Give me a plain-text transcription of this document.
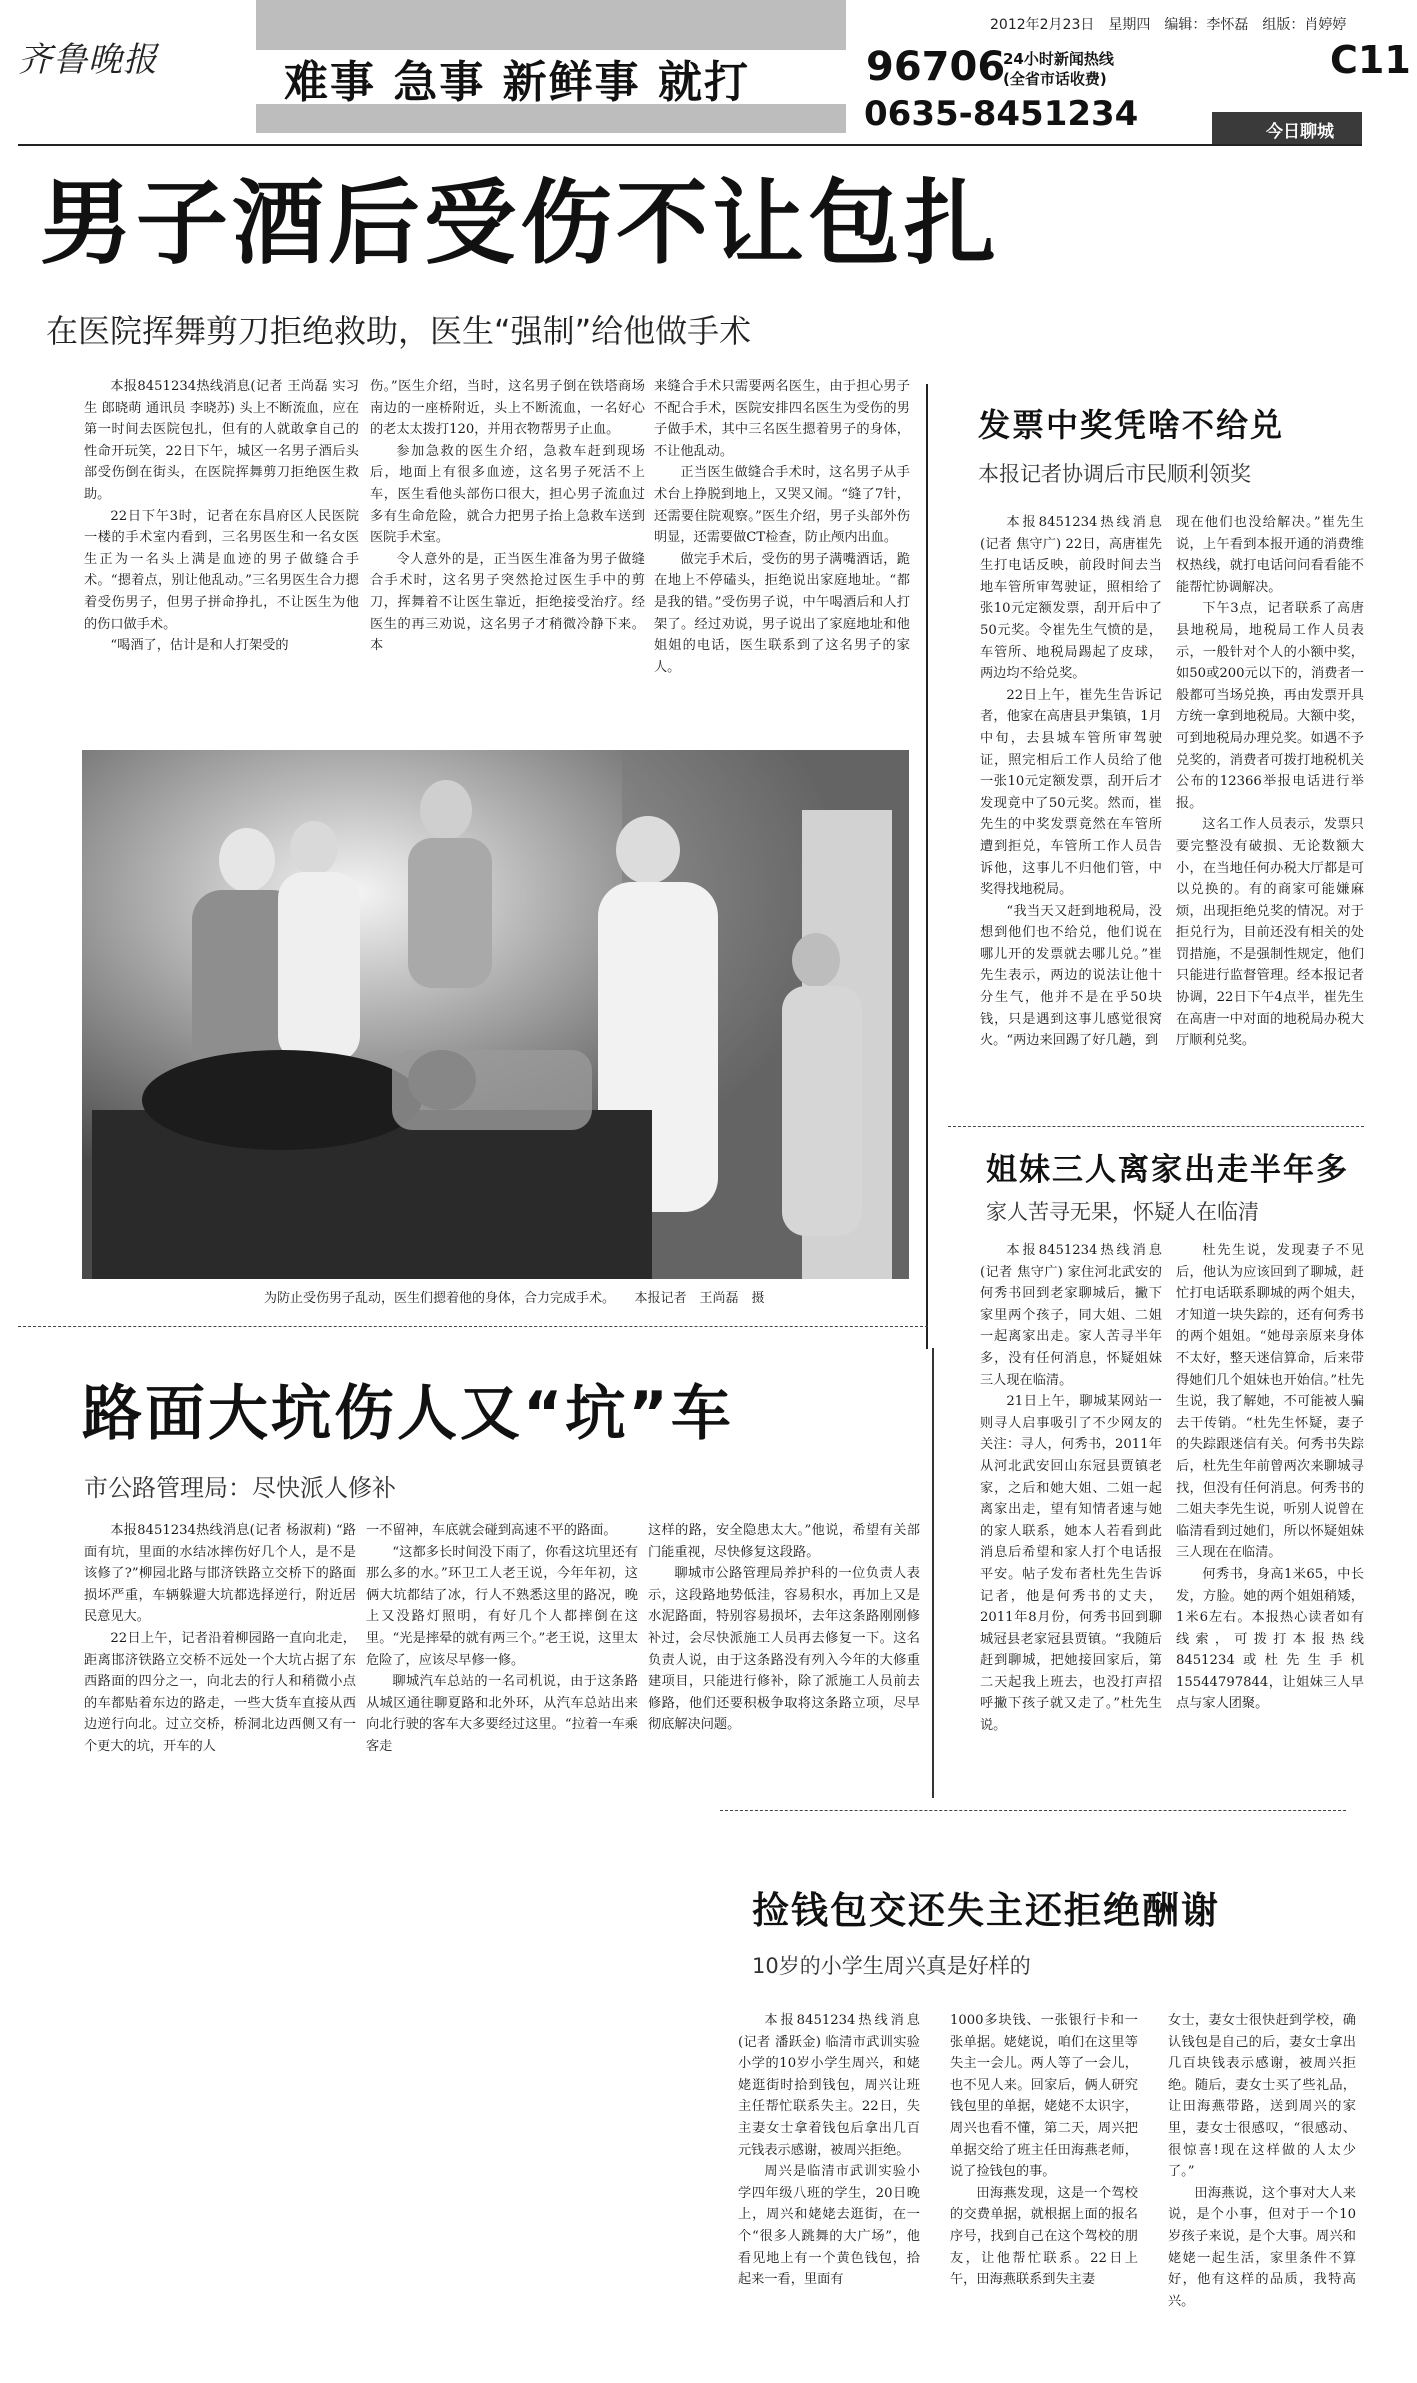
齐鲁晚报	难事 急事 新鲜事 就打	96706
24小时新闻热线
(全省市话收费)
0635-8451234
2012年2月23日　星期四　编辑：李怀磊　组版：肖婷婷
C11
今日聊城
男子酒后受伤不让包扎
在医院挥舞剪刀拒绝救助，医生“强制”给他做手术

本报8451234热线消息(记者 王尚磊 实习生 郎晓萌 通讯员 李晓苏) 头上不断流血，应在第一时间去医院包扎，但有的人就敢拿自己的性命开玩笑，22日下午，城区一名男子酒后头部受伤倒在街头，在医院挥舞剪刀拒绝医生救助。

22日下午3时，记者在东昌府区人民医院一楼的手术室内看到，三名男医生和一名女医生正为一名头上满是血迹的男子做缝合手术。“摁着点，别让他乱动。”三名男医生合力摁着受伤男子，但男子拼命挣扎，不让医生为他的伤口做手术。

“喝酒了，估计是和人打架受的

伤。”医生介绍，当时，这名男子倒在铁塔商场南边的一座桥附近，头上不断流血，一名好心的老太太拨打120，并用衣物帮男子止血。

参加急救的医生介绍，急救车赶到现场后，地面上有很多血迹，这名男子死活不上车，医生看他头部伤口很大，担心男子流血过多有生命危险，就合力把男子抬上急救车送到医院手术室。

令人意外的是，正当医生准备为男子做缝合手术时，这名男子突然抢过医生手中的剪刀，挥舞着不让医生靠近，拒绝接受治疗。经医生的再三劝说，这名男子才稍微冷静下来。本

来缝合手术只需要两名医生，由于担心男子不配合手术，医院安排四名医生为受伤的男子做手术，其中三名医生摁着男子的身体，不让他乱动。

正当医生做缝合手术时，这名男子从手术台上挣脱到地上，又哭又闹。“缝了7针，还需要住院观察。”医生介绍，男子头部外伤明显，还需要做CT检查，防止颅内出血。

做完手术后，受伤的男子满嘴酒话，跪在地上不停磕头，拒绝说出家庭地址。“都是我的错。”受伤男子说，中午喝酒后和人打架了。经过劝说，男子说出了家庭地址和他姐姐的电话，医生联系到了这名男子的家人。

为防止受伤男子乱动，医生们摁着他的身体，合力完成手术。　　本报记者　王尚磊　摄
发票中奖凭啥不给兑
本报记者协调后市民顺利领奖

本报8451234热线消息(记者 焦守广) 22日，高唐崔先生打电话反映，前段时间去当地车管所审驾驶证，照相给了张10元定额发票，刮开后中了50元奖。令崔先生气愤的是，车管所、地税局踢起了皮球，两边均不给兑奖。

22日上午，崔先生告诉记者，他家在高唐县尹集镇，1月中旬，去县城车管所审驾驶证，照完相后工作人员给了他一张10元定额发票，刮开后才发现竟中了50元奖。然而，崔先生的中奖发票竟然在车管所遭到拒兑，车管所工作人员告诉他，这事儿不归他们管，中奖得找地税局。

“我当天又赶到地税局，没想到他们也不给兑，他们说在哪儿开的发票就去哪儿兑。”崔先生表示，两边的说法让他十分生气，他并不是在乎50块钱，只是遇到这事儿感觉很窝火。“两边来回踢了好几趟，到

现在他们也没给解决。”崔先生说，上午看到本报开通的消费维权热线，就打电话问问看看能不能帮忙协调解决。

下午3点，记者联系了高唐县地税局，地税局工作人员表示，一般针对个人的小额中奖，如50或200元以下的，消费者一般都可当场兑换，再由发票开具方统一拿到地税局。大额中奖，可到地税局办理兑奖。如遇不予兑奖的，消费者可拨打地税机关公布的12366举报电话进行举报。

这名工作人员表示，发票只要完整没有破损、无论数额大小，在当地任何办税大厅都是可以兑换的。有的商家可能嫌麻烦，出现拒绝兑奖的情况。对于拒兑行为，目前还没有相关的处罚措施，不是强制性规定，他们只能进行监督管理。经本报记者协调，22日下午4点半，崔先生在高唐一中对面的地税局办税大厅顺利兑奖。

姐妹三人离家出走半年多
家人苦寻无果，怀疑人在临清

本报8451234热线消息(记者 焦守广) 家住河北武安的何秀书回到老家聊城后，撇下家里两个孩子，同大姐、二姐一起离家出走。家人苦寻半年多，没有任何消息，怀疑姐妹三人现在临清。

21日上午，聊城某网站一则寻人启事吸引了不少网友的关注：寻人，何秀书，2011年从河北武安回山东冠县贾镇老家，之后和她大姐、二姐一起离家出走，望有知情者速与她的家人联系，她本人若看到此消息后希望和家人打个电话报平安。帖子发布者杜先生告诉记者，他是何秀书的丈夫，2011年8月份，何秀书回到聊城冠县老家冠县贾镇。“我随后赶到聊城，把她接回家后，第二天起我上班去，也没打声招呼撇下孩子就又走了。”杜先生说。

杜先生说，发现妻子不见后，他认为应该回到了聊城，赶忙打电话联系聊城的两个姐夫，才知道一块失踪的，还有何秀书的两个姐姐。“她母亲原来身体不太好，整天迷信算命，后来带得她们几个姐妹也开始信。”杜先生说，我了解她，不可能被人骗去干传销。“杜先生怀疑，妻子的失踪跟迷信有关。何秀书失踪后，杜先生年前曾两次来聊城寻找，但没有任何消息。何秀书的二姐夫李先生说，听别人说曾在临清看到过她们，所以怀疑姐妹三人现在在临清。

何秀书，身高1米65，中长发，方脸。她的两个姐姐稍矮，1米6左右。本报热心读者如有线索，可拨打本报热线8451234或杜先生手机15544797844，让姐妹三人早点与家人团聚。

路面大坑伤人又“坑”车
市公路管理局：尽快派人修补

本报8451234热线消息(记者 杨淑莉) “路面有坑，里面的水结冰摔伤好几个人，是不是该修了?”柳园北路与邯济铁路立交桥下的路面损坏严重，车辆躲避大坑都选择逆行，附近居民意见大。

22日上午，记者沿着柳园路一直向北走，距离邯济铁路立交桥不远处一个大坑占据了东西路面的四分之一，向北去的行人和稍微小点的车都贴着东边的路走，一些大货车直接从西边逆行向北。过立交桥，桥洞北边西侧又有一个更大的坑，开车的人

一不留神，车底就会碰到高速不平的路面。

“这都多长时间没下雨了，你看这坑里还有那么多的水。”环卫工人老王说，今年年初，这俩大坑都结了冰，行人不熟悉这里的路况，晚上又没路灯照明，有好几个人都摔倒在这里。“光是摔晕的就有两三个。”老王说，这里太危险了，应该尽早修一修。

聊城汽车总站的一名司机说，由于这条路从城区通往聊夏路和北外环，从汽车总站出来向北行驶的客车大多要经过这里。“拉着一车乘客走

这样的路，安全隐患太大。”他说，希望有关部门能重视，尽快修复这段路。

聊城市公路管理局养护科的一位负责人表示，这段路地势低洼，容易积水，再加上又是水泥路面，特别容易损坏，去年这条路刚刚修补过，会尽快派施工人员再去修复一下。这名负责人说，由于这条路没有列入今年的大修重建项目，只能进行修补，除了派施工人员前去修路，他们还要积极争取将这条路立项，尽早彻底解决问题。

捡钱包交还失主还拒绝酬谢
10岁的小学生周兴真是好样的

本报8451234热线消息(记者 潘跃金) 临清市武训实验小学的10岁小学生周兴，和姥姥逛街时拾到钱包，周兴让班主任帮忙联系失主。22日，失主妻女士拿着钱包后拿出几百元钱表示感谢，被周兴拒绝。

周兴是临清市武训实验小学四年级八班的学生，20日晚上，周兴和姥姥去逛街，在一个“很多人跳舞的大广场”，他看见地上有一个黄色钱包，拾起来一看，里面有

1000多块钱、一张银行卡和一张单据。姥姥说，咱们在这里等失主一会儿。两人等了一会儿，也不见人来。回家后，俩人研究钱包里的单据，姥姥不太识字，周兴也看不懂，第二天，周兴把单据交给了班主任田海燕老师，说了捡钱包的事。

田海燕发现，这是一个驾校的交费单据，就根据上面的报名序号，找到自己在这个驾校的朋友，让他帮忙联系。22日上午，田海燕联系到失主妻

女士，妻女士很快赶到学校，确认钱包是自己的后，妻女士拿出几百块钱表示感谢，被周兴拒绝。随后，妻女士买了些礼品，让田海燕带路，送到周兴的家里，妻女士很感叹，“很感动、很惊喜!现在这样做的人太少了。”

田海燕说，这个事对大人来说，是个小事，但对于一个10岁孩子来说，是个大事。周兴和姥姥一起生活，家里条件不算好，他有这样的品质，我特高兴。
